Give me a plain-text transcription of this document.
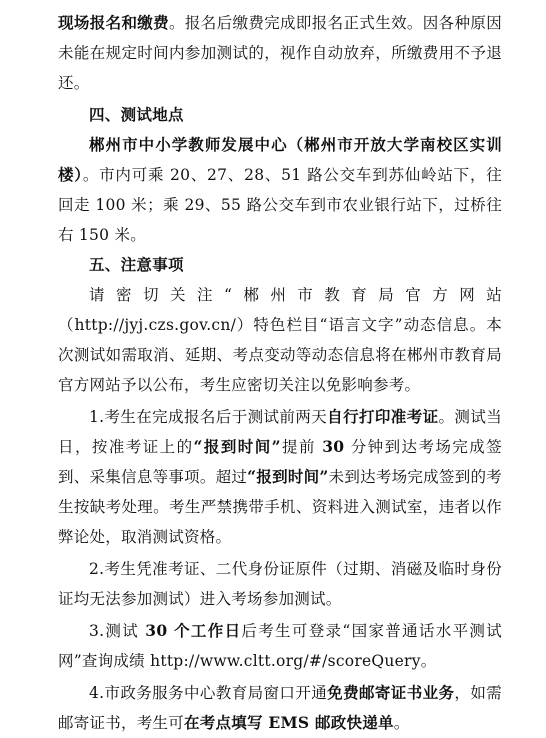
现场报名和缴费。报名后缴费完成即报名正式生效。因各种原因未能在规定时间内参加测试的，视作自动放弃，所缴费用不予退还。

四、测试地点

郴州市中小学教师发展中心（郴州市开放大学南校区实训楼）。市内可乘 20、27、28、51 路公交车到苏仙岭站下，往回走 100 米；乘 29、55 路公交车到市农业银行站下，过桥往右 150 米。

五、注意事项

请密切关注“郴州市教育局官方网站（http://jyj.czs.gov.cn/）特色栏目“语言文字”动态信息。本次测试如需取消、延期、考点变动等动态信息将在郴州市教育局官方网站予以公布，考生应密切关注以免影响参考。

1.考生在完成报名后于测试前两天自行打印准考证。测试当日，按准考证上的“报到时间”提前 30 分钟到达考场完成签到、采集信息等事项。超过“报到时间”未到达考场完成签到的考生按缺考处理。考生严禁携带手机、资料进入测试室，违者以作弊论处，取消测试资格。

2.考生凭准考证、二代身份证原件（过期、消磁及临时身份证均无法参加测试）进入考场参加测试。

3.测试 30 个工作日后考生可登录“国家普通话水平测试网”查询成绩 http://www.cltt.org/#/scoreQuery。

4.市政务服务中心教育局窗口开通免费邮寄证书业务，如需邮寄证书，考生可在考点填写 EMS 邮政快递单。
